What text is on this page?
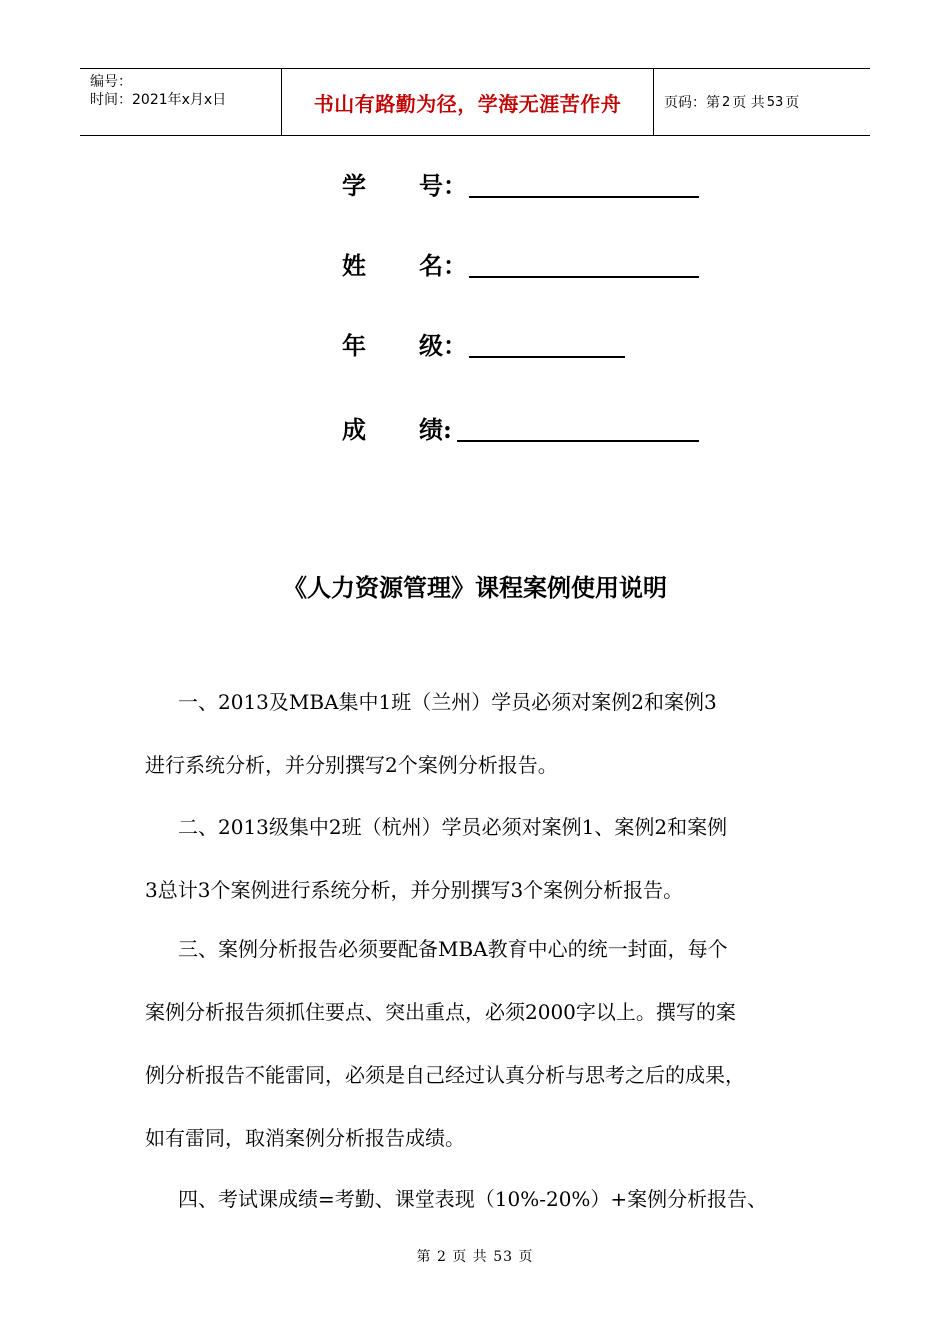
编号：
时间：2021年x月x日	书山有路勤为径，学海无涯苦作舟	页码：第 2 页 共 53 页
学 号：
姓 名：
年 级：
成 绩:
《人力资源管理》课程案例使用说明
一、2013及MBA集中1班（兰州）学员必须对案例2和案例3
进行系统分析，并分别撰写2个案例分析报告。
二、2013级集中2班（杭州）学员必须对案例1、案例2和案例
3总计3个案例进行系统分析，并分别撰写3个案例分析报告。
三、案例分析报告必须要配备MBA教育中心的统一封面，每个
案例分析报告须抓住要点、突出重点，必须2000字以上。撰写的案
例分析报告不能雷同，必须是自己经过认真分析与思考之后的成果，
如有雷同，取消案例分析报告成绩。
四、考试课成绩=考勤、课堂表现（10%-20%）+案例分析报告、
第 2 页 共 53 页
